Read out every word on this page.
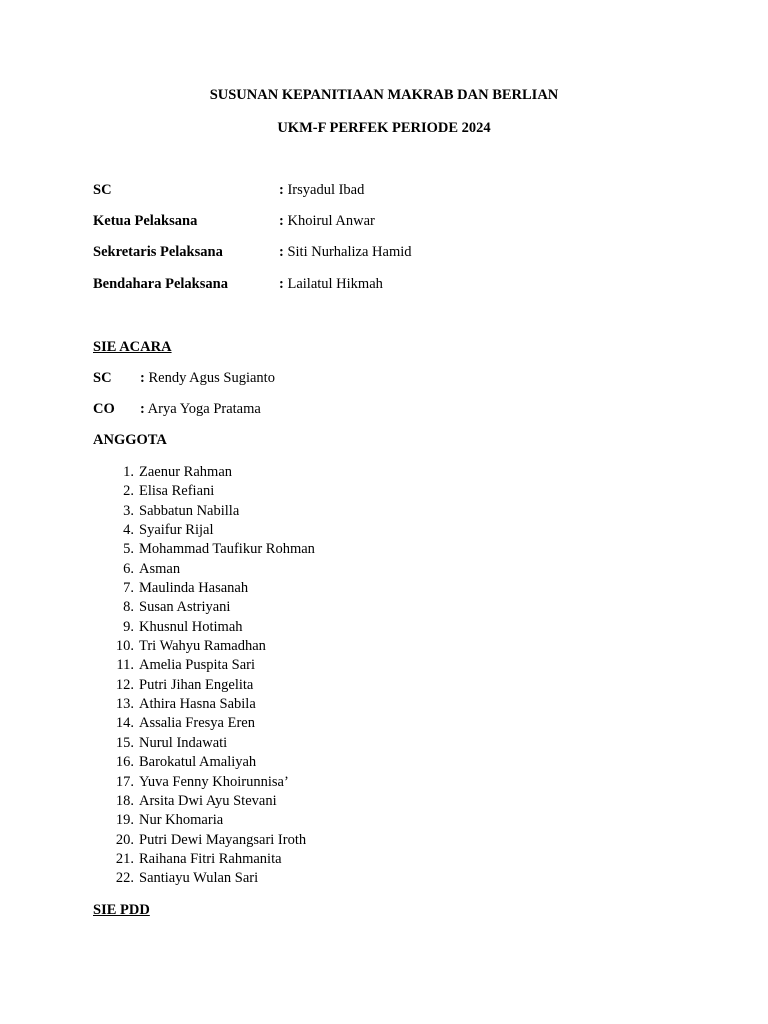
SUSUNAN KEPANITIAAN MAKRAB DAN BERLIAN
UKM-F PERFEK PERIODE 2024
SC	: Irsyadul Ibad
Ketua Pelaksana	: Khoirul Anwar
Sekretaris Pelaksana	: Siti Nurhaliza Hamid
Bendahara Pelaksana	: Lailatul Hikmah
SIE ACARA
SC : Rendy Agus Sugianto
CO : Arya Yoga Pratama
ANGGOTA
1. Zaenur Rahman
2. Elisa Refiani
3. Sabbatun Nabilla
4. Syaifur Rijal
5. Mohammad Taufikur Rohman
6. Asman
7. Maulinda Hasanah
8. Susan Astriyani
9. Khusnul Hotimah
10. Tri Wahyu Ramadhan
11. Amelia Puspita Sari
12. Putri Jihan Engelita
13. Athira Hasna Sabila
14. Assalia Fresya Eren
15. Nurul Indawati
16. Barokatul Amaliyah
17. Yuva Fenny Khoirunnisa’
18. Arsita Dwi Ayu Stevani
19. Nur Khomaria
20. Putri Dewi Mayangsari Iroth
21. Raihana Fitri Rahmanita
22. Santiayu Wulan Sari
SIE PDD
